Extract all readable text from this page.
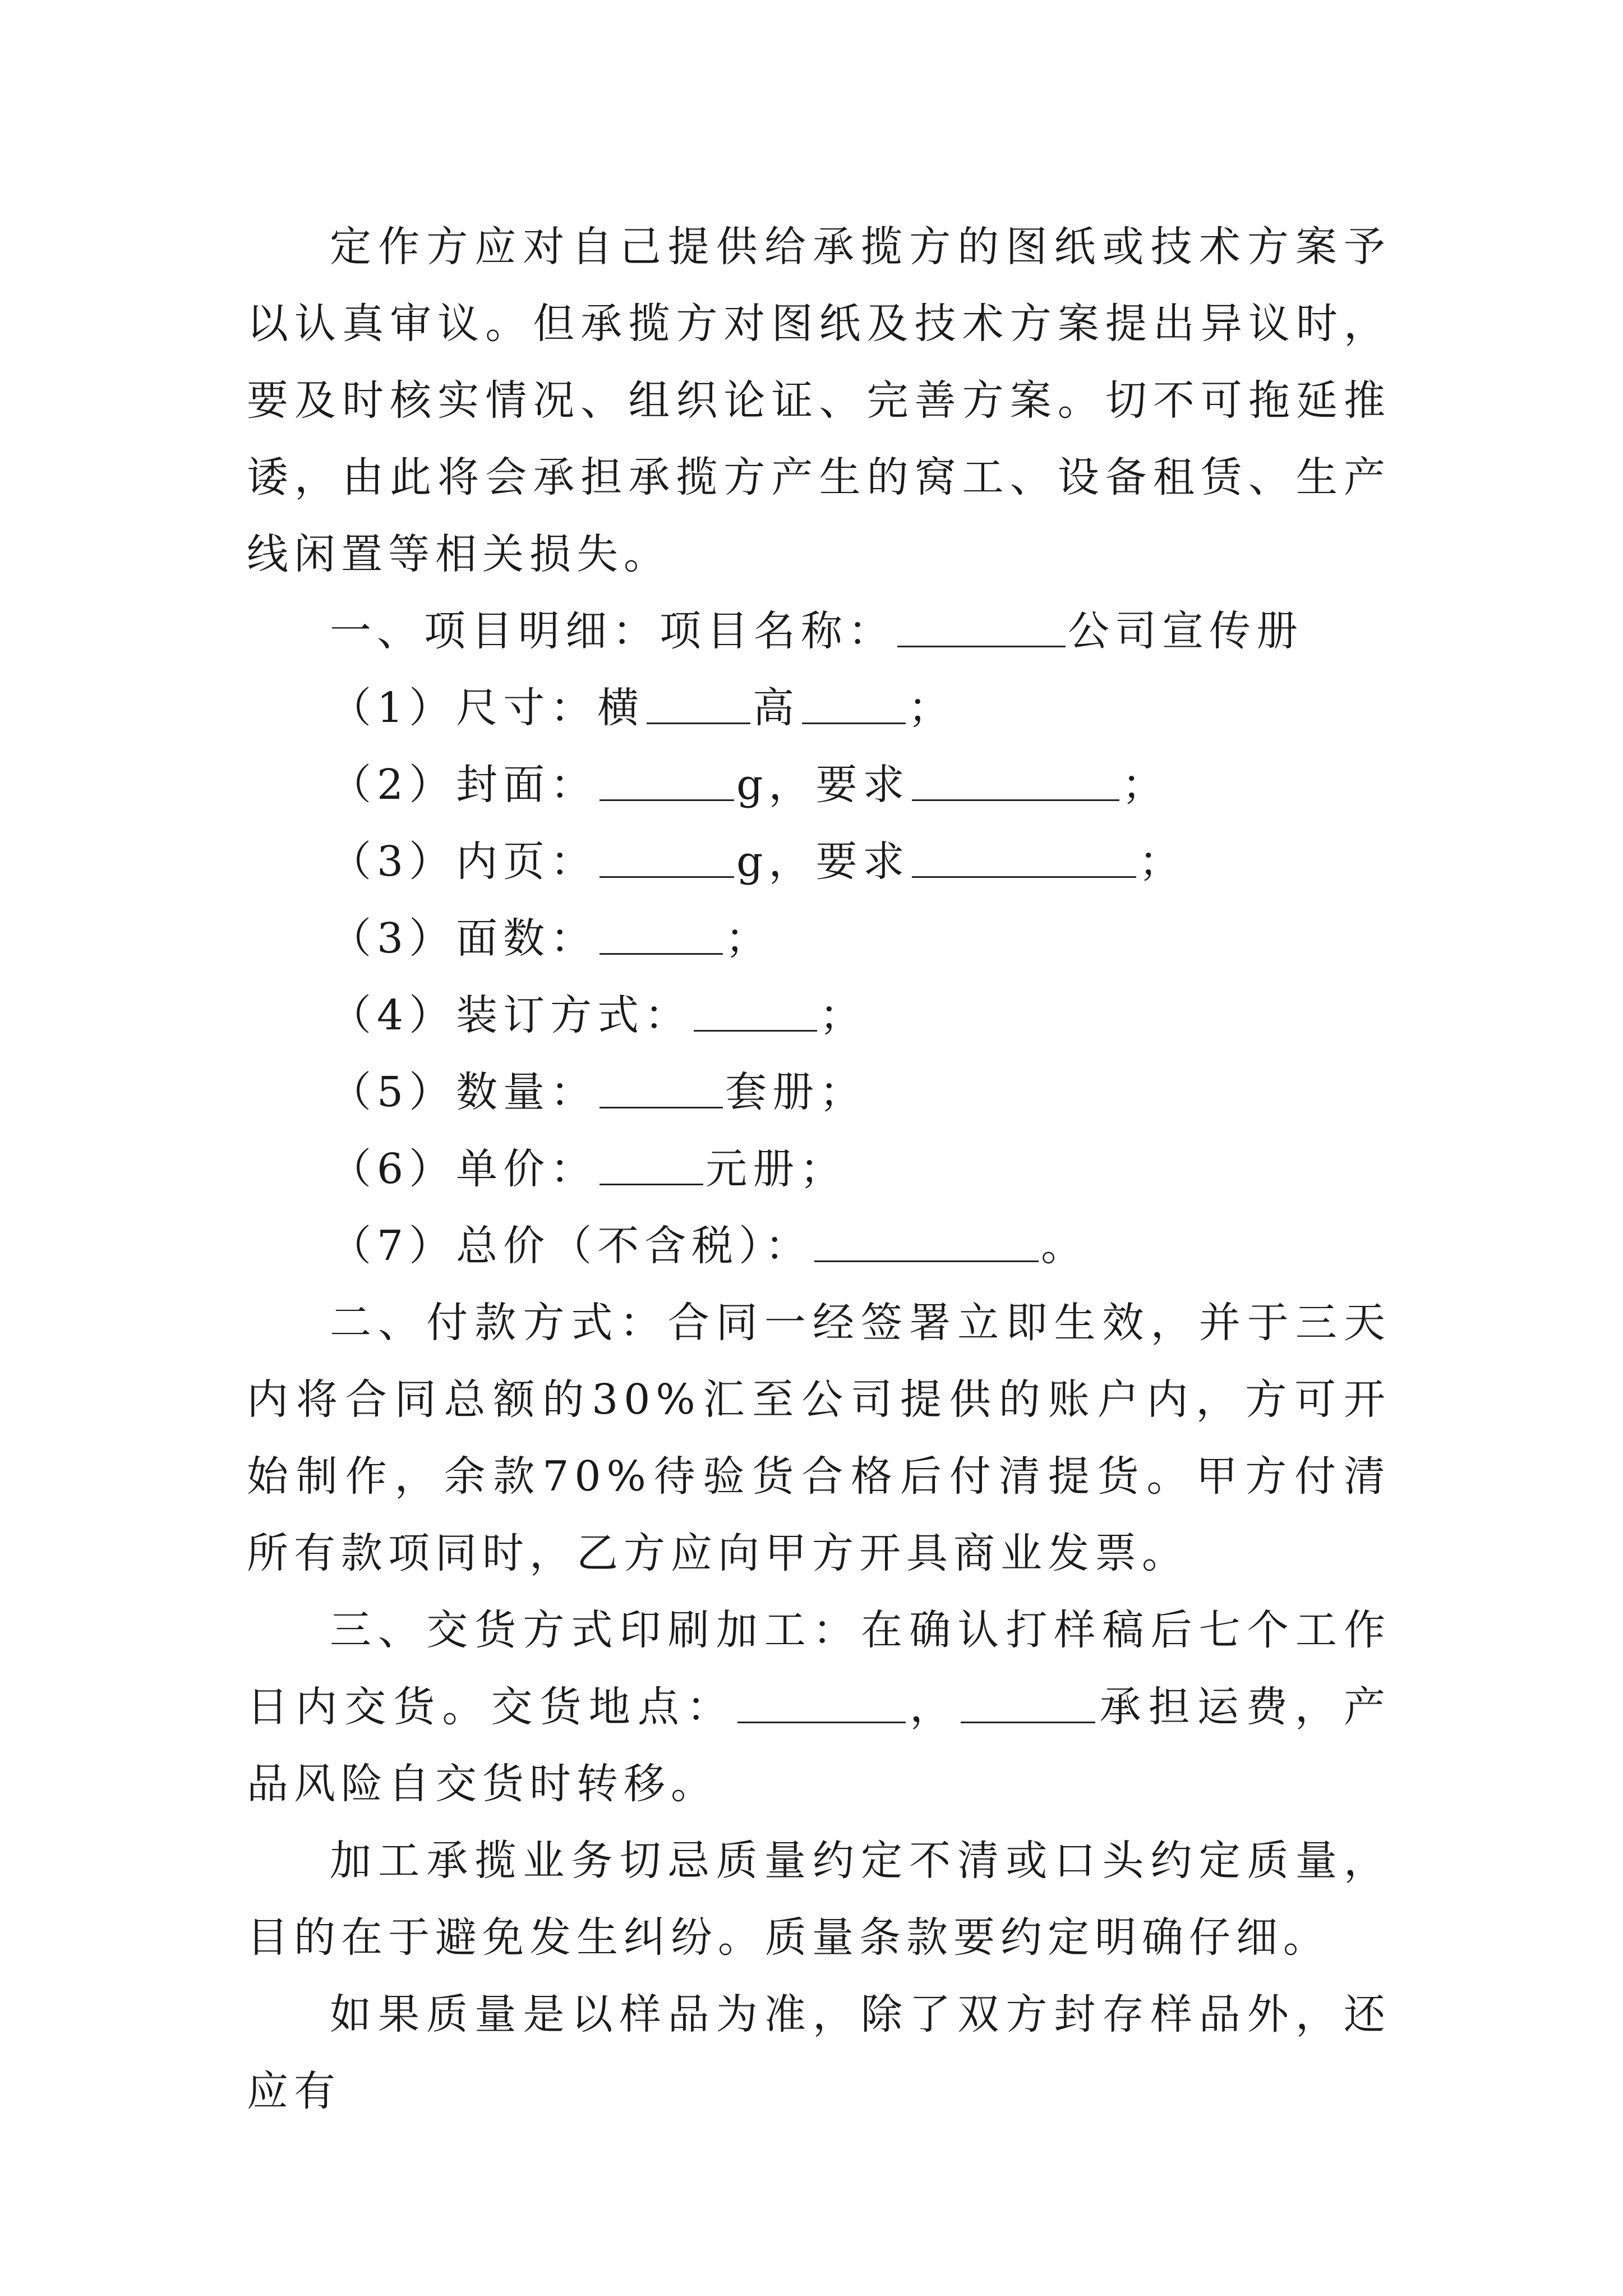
定作方应对自己提供给承揽方的图纸或技术方案予以认真审议。但承揽方对图纸及技术方案提出异议时，要及时核实情况、组织论证、完善方案。切不可拖延推诿，由此将会承担承揽方产生的窝工、设备租赁、生产线闲置等相关损失。

一、项目明细：项目名称：	公司宣传册

（1）尺寸：横	高	；

（2）封面：	g，要求	；

（3）内页：	g，要求	；

（3）面数：	；

（4）装订方式：	；

（5）数量：	套册；

（6）单价：	元册；

（7）总价（不含税）：	。

二、付款方式：合同一经签署立即生效，并于三天内将合同总额的30%汇至公司提供的账户内，方可开始制作，余款70%待验货合格后付清提货。甲方付清所有款项同时，乙方应向甲方开具商业发票。

三、交货方式印刷加工：在确认打样稿后七个工作日内交货。交货地点：	，	承担运费，产品风险自交货时转移。

加工承揽业务切忌质量约定不清或口头约定质量，目的在于避免发生纠纷。质量条款要约定明确仔细。

如果质量是以样品为准，除了双方封存样品外，还应有
